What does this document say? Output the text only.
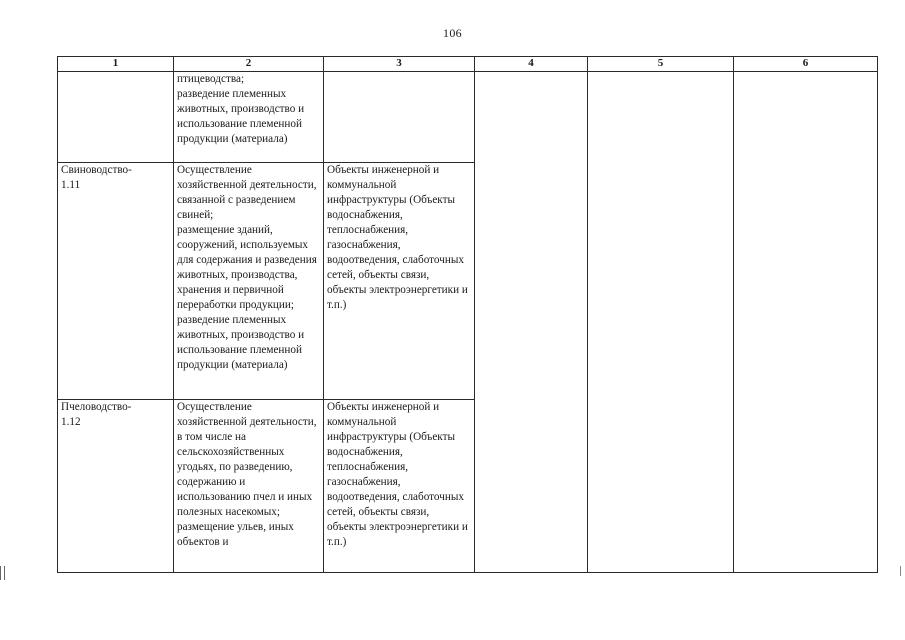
106
1	2	3	4	5	6

	птицеводства;
разведение племенных животных, производство и использование племенной продукции (материала)				

Свиноводство-
1.11	Осуществление хозяйственной деятельности, связанной с разведением свиней;
размещение зданий, сооружений, используемых для содержания и разведения животных, производства, хранения и первичной переработки продукции;
разведение племенных животных, производство и использование племенной продукции (материала)	Объекты инженерной и коммунальной инфраструктуры (Объекты водоснабжения, теплоснабжения, газоснабжения, водоотведения, слаботочных сетей, объекты связи, объекты электроэнергетики и т.п.)			

Пчеловодство-
1.12	Осуществление хозяйственной деятельности, в том числе на сельскохозяйственных угодьях, по разведению, содержанию и использованию пчел и иных полезных насекомых;
размещение ульев, иных объектов и	Объекты инженерной и коммунальной инфраструктуры (Объекты водоснабжения, теплоснабжения, газоснабжения, водоотведения, слаботочных сетей, объекты связи, объекты электроэнергетики и т.п.)			
